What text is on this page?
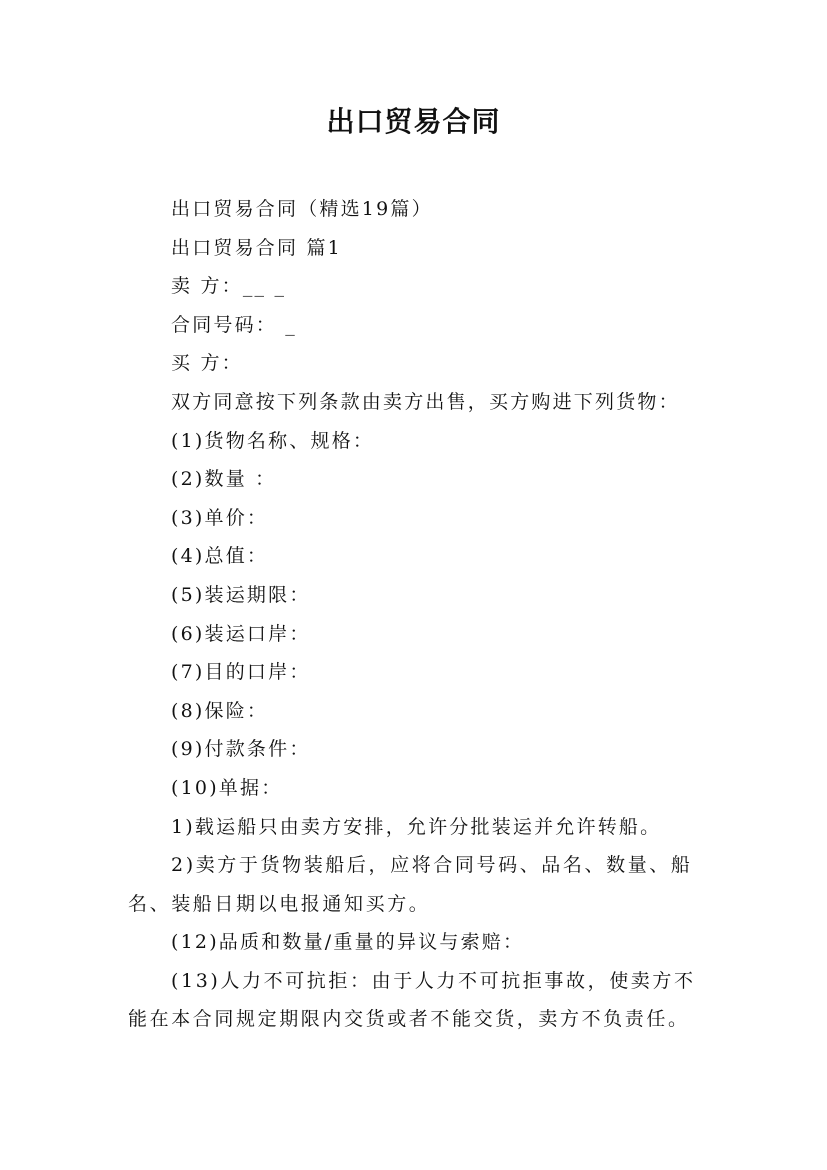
出口贸易合同
出口贸易合同（精选19篇）
出口贸易合同 篇1
卖 方：__ _
合同号码： _
买 方：
双方同意按下列条款由卖方出售，买方购进下列货物：
(1)货物名称、规格：
(2)数量 ：
(3)单价：
(4)总值：
(5)装运期限：
(6)装运口岸：
(7)目的口岸：
(8)保险：
(9)付款条件：
(10)单据：
1)载运船只由卖方安排，允许分批装运并允许转船。
2)卖方于货物装船后，应将合同号码、品名、数量、船名、装船日期以电报通知买方。
(12)品质和数量/重量的异议与索赔：
(13)人力不可抗拒：由于人力不可抗拒事故，使卖方不能在本合同规定期限内交货或者不能交货，卖方不负责任。
